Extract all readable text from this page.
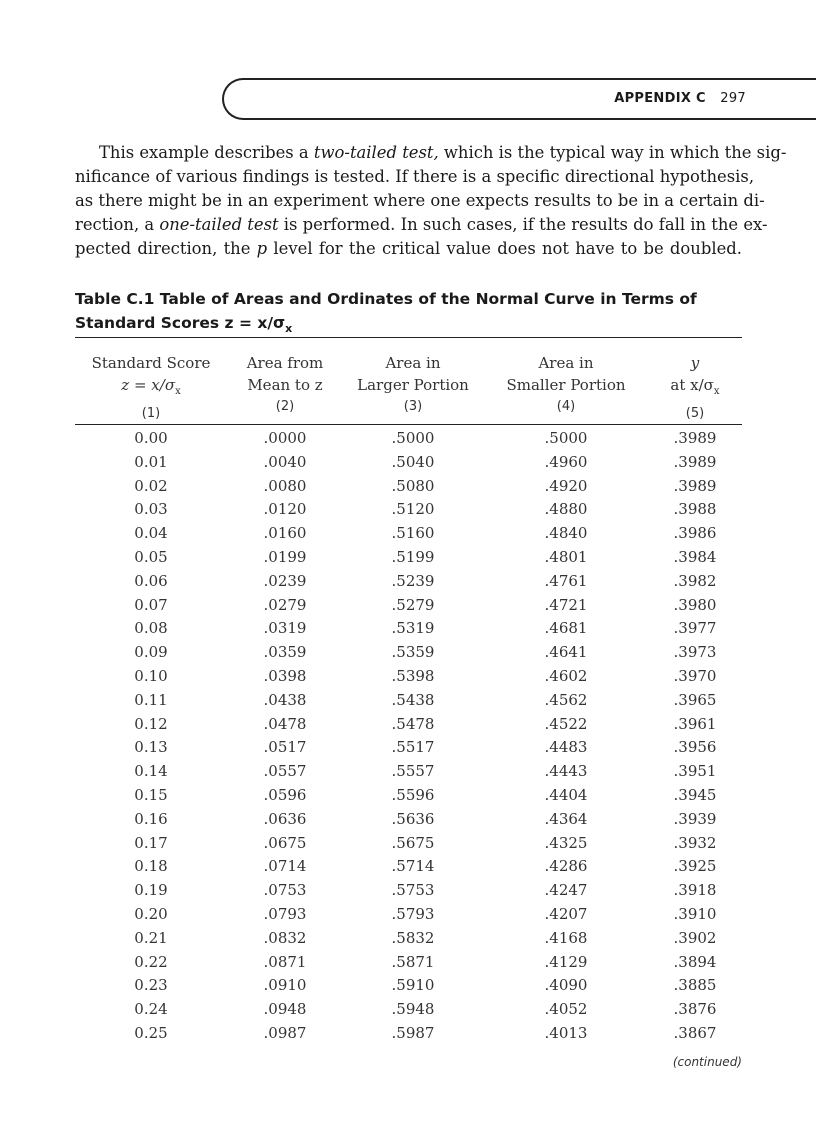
APPENDIX C 297
This example describes a two-tailed test, which is the typical way in which the sig-
nificance of various findings is tested. If there is a specific directional hypothesis,
as there might be in an experiment where one expects results to be in a certain di-
rection, a one-tailed test is performed. In such cases, if the results do fall in the ex-
pected direction, the p level for the critical value does not have to be doubled.
Table C.1 Table of Areas and Ordinates of the Normal Curve in Terms of
Standard Scores $z = x/\sigma_x$
Standard Score
$z = x/\sigma_x$
(1)
Area from
Mean to z
(2)
Area in
Larger Portion
(3)
Area in
Smaller Portion
(4)
y
at $x/\sigma_x$
(5)
0.00	.0000	.5000	.5000	.3989
0.01	.0040	.5040	.4960	.3989
0.02	.0080	.5080	.4920	.3989
0.03	.0120	.5120	.4880	.3988
0.04	.0160	.5160	.4840	.3986
0.05	.0199	.5199	.4801	.3984
0.06	.0239	.5239	.4761	.3982
0.07	.0279	.5279	.4721	.3980
0.08	.0319	.5319	.4681	.3977
0.09	.0359	.5359	.4641	.3973
0.10	.0398	.5398	.4602	.3970
0.11	.0438	.5438	.4562	.3965
0.12	.0478	.5478	.4522	.3961
0.13	.0517	.5517	.4483	.3956
0.14	.0557	.5557	.4443	.3951
0.15	.0596	.5596	.4404	.3945
0.16	.0636	.5636	.4364	.3939
0.17	.0675	.5675	.4325	.3932
0.18	.0714	.5714	.4286	.3925
0.19	.0753	.5753	.4247	.3918
0.20	.0793	.5793	.4207	.3910
0.21	.0832	.5832	.4168	.3902
0.22	.0871	.5871	.4129	.3894
0.23	.0910	.5910	.4090	.3885
0.24	.0948	.5948	.4052	.3876
0.25	.0987	.5987	.4013	.3867
(continued)
